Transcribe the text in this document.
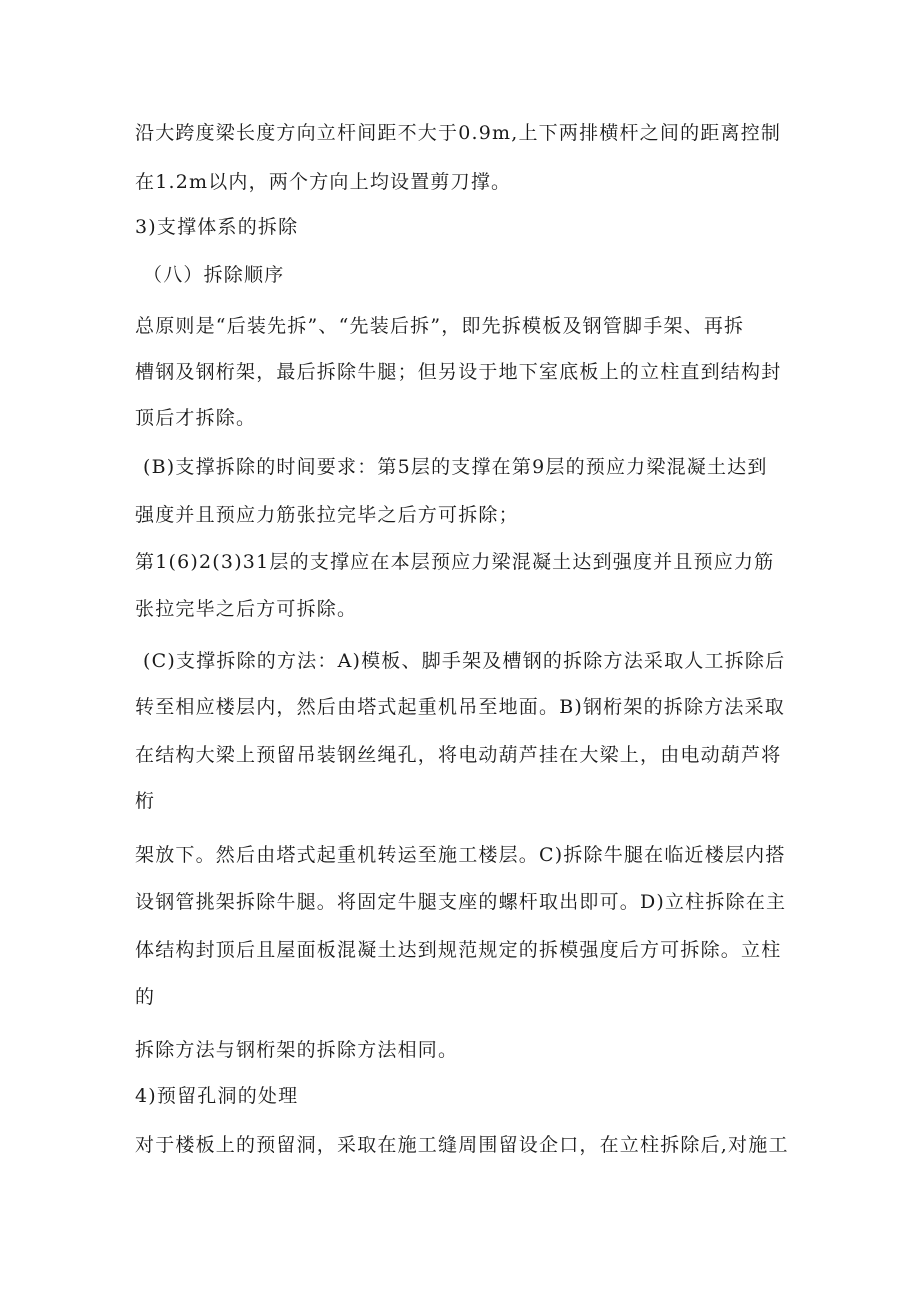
沿大跨度梁长度方向立杆间距不大于0.9m,上下两排横杆之间的距离控制
在1.2m以内，两个方向上均设置剪刀撑。
3)支撑体系的拆除
（八）拆除顺序
总原则是“后装先拆”、“先装后拆”，即先拆模板及钢管脚手架、再拆
槽钢及钢桁架，最后拆除牛腿；但另设于地下室底板上的立柱直到结构封
顶后才拆除。
(B)支撑拆除的时间要求：第5层的支撑在第9层的预应力梁混凝土达到
强度并且预应力筋张拉完毕之后方可拆除；
第1(6)2(3)31层的支撑应在本层预应力梁混凝土达到强度并且预应力筋
张拉完毕之后方可拆除。
(C)支撑拆除的方法：A)模板、脚手架及槽钢的拆除方法采取人工拆除后
转至相应楼层内，然后由塔式起重机吊至地面。B)钢桁架的拆除方法采取
在结构大梁上预留吊装钢丝绳孔，将电动葫芦挂在大梁上，由电动葫芦将
桁
架放下。然后由塔式起重机转运至施工楼层。C)拆除牛腿在临近楼层内搭
设钢管挑架拆除牛腿。将固定牛腿支座的螺杆取出即可。D)立柱拆除在主
体结构封顶后且屋面板混凝土达到规范规定的拆模强度后方可拆除。立柱
的
拆除方法与钢桁架的拆除方法相同。
4)预留孔洞的处理
对于楼板上的预留洞，采取在施工缝周围留设企口，在立柱拆除后,对施工
